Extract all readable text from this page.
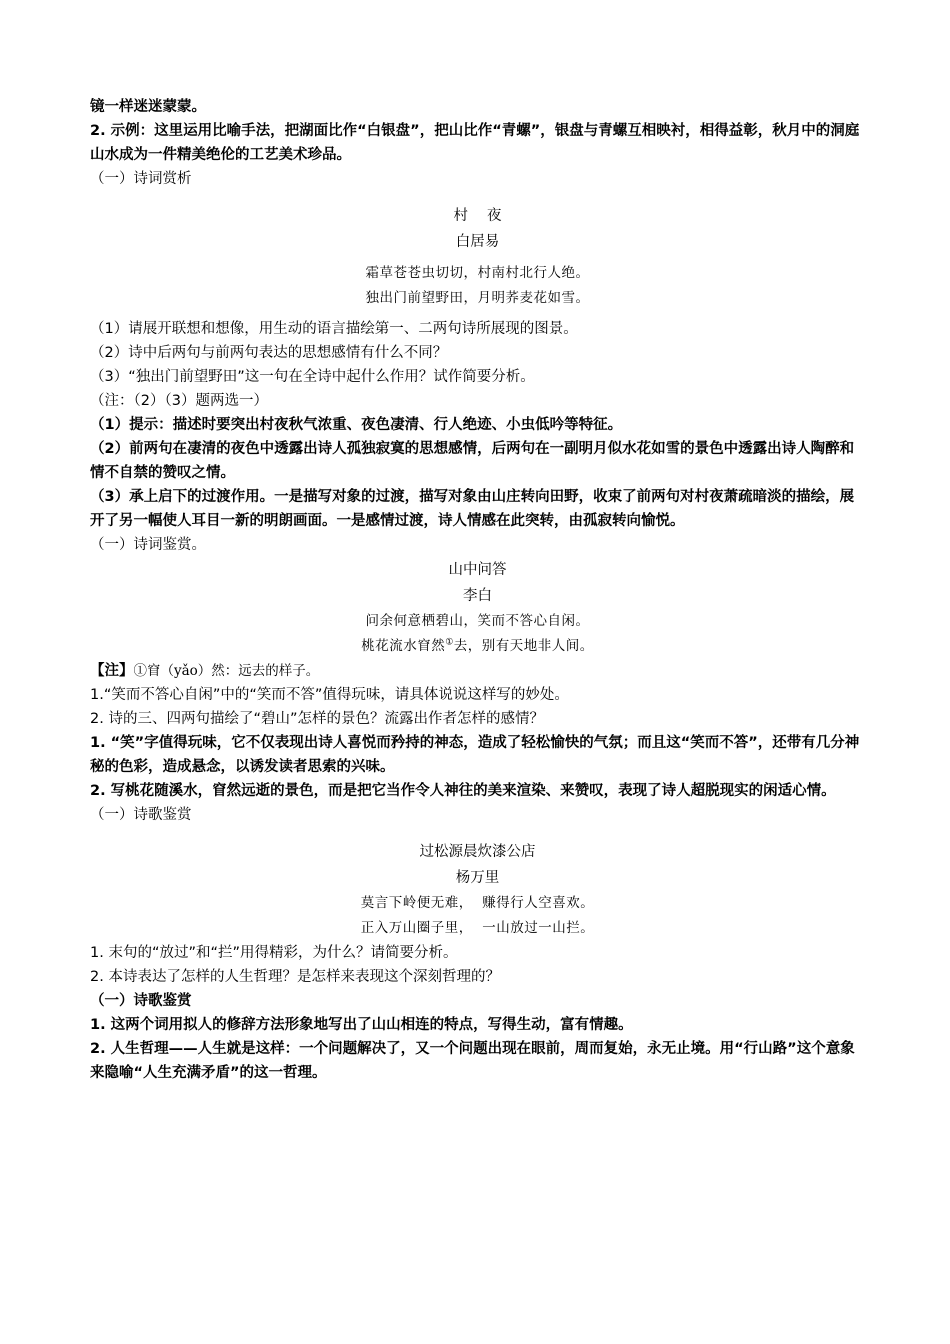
镜一样迷迷蒙蒙。
2. 示例：这里运用比喻手法，把湖面比作“白银盘”，把山比作“青螺”，银盘与青螺互相映衬，相得益彰，秋月中的洞庭山水成为一件精美绝伦的工艺美术珍品。
（一）诗词赏析
村　 夜
白居易
霜草苍苍虫切切，村南村北行人绝。
独出门前望野田，月明荞麦花如雪。
（1）请展开联想和想像，用生动的语言描绘第一、二两句诗所展现的图景。
（2）诗中后两句与前两句表达的思想感情有什么不同？
（3）“独出门前望野田”这一句在全诗中起什么作用？试作简要分析。
（注：（2）（3）题两选一）
（1）提示：描述时要突出村夜秋气浓重、夜色凄清、行人绝迹、小虫低吟等特征。
（2）前两句在凄清的夜色中透露出诗人孤独寂寞的思想感情，后两句在一副明月似水花如雪的景色中透露出诗人陶醉和情不自禁的赞叹之情。
（3）承上启下的过渡作用。一是描写对象的过渡，描写对象由山庄转向田野，收束了前两句对村夜萧疏暗淡的描绘，展开了另一幅使人耳目一新的明朗画面。一是感情过渡，诗人情感在此突转，由孤寂转向愉悦。
（一）诗词鉴赏。
山中问答
李白
问余何意栖碧山，笑而不答心自闲。
桃花流水窅然①去，别有天地非人间。
【注】①窅（yǎo）然：远去的样子。
1.“笑而不答心自闲”中的“笑而不答”值得玩味，请具体说说这样写的妙处。
2. 诗的三、四两句描绘了“碧山”怎样的景色？流露出作者怎样的感情？
1. “笑”字值得玩味，它不仅表现出诗人喜悦而矜持的神态，造成了轻松愉快的气氛；而且这“笑而不答”，还带有几分神秘的色彩，造成悬念，以诱发读者思索的兴味。
2. 写桃花随溪水，窅然远逝的景色，而是把它当作令人神往的美来渲染、来赞叹，表现了诗人超脱现实的闲适心情。
（一）诗歌鉴赏
过松源晨炊漆公店
杨万里
莫言下岭便无难，  赚得行人空喜欢。
正入万山圈子里，  一山放过一山拦。
1. 末句的“放过”和“拦”用得精彩，为什么？请简要分析。
2. 本诗表达了怎样的人生哲理？是怎样来表现这个深刻哲理的？
（一）诗歌鉴赏
1. 这两个词用拟人的修辞方法形象地写出了山山相连的特点，写得生动，富有情趣。
2. 人生哲理——人生就是这样：一个问题解决了，又一个问题出现在眼前，周而复始，永无止境。用“行山路”这个意象来隐喻“人生充满矛盾”的这一哲理。
